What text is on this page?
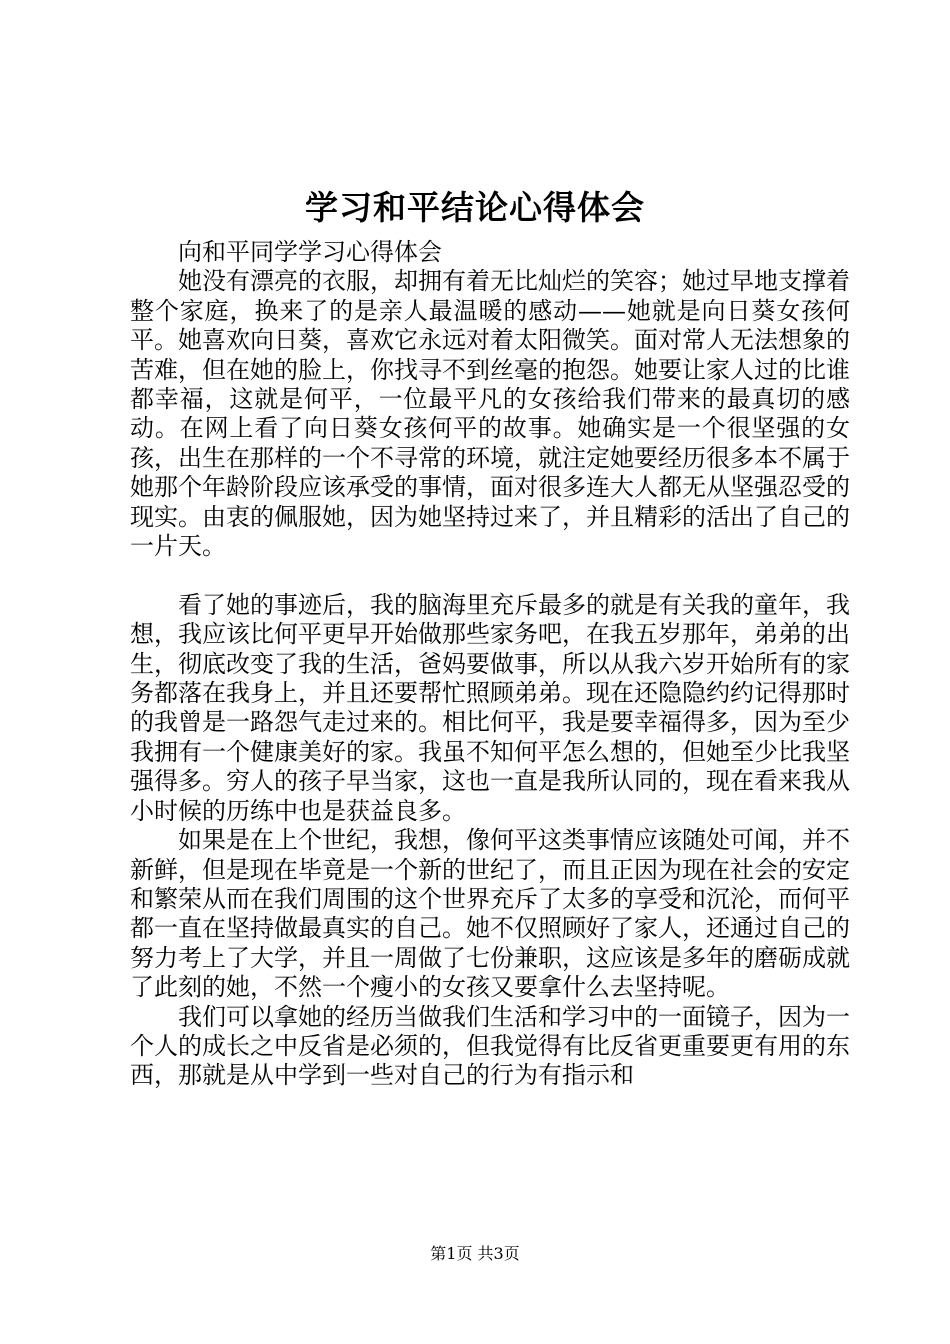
学习和平结论心得体会

向和平同学学习心得体会

她没有漂亮的衣服，却拥有着无比灿烂的笑容；她过早地支撑着整个家庭，换来了的是亲人最温暖的感动——她就是向日葵女孩何平。她喜欢向日葵，喜欢它永远对着太阳微笑。面对常人无法想象的苦难，但在她的脸上，你找寻不到丝毫的抱怨。她要让家人过的比谁都幸福，这就是何平，一位最平凡的女孩给我们带来的最真切的感动。在网上看了向日葵女孩何平的故事。她确实是一个很坚强的女孩，出生在那样的一个不寻常的环境，就注定她要经历很多本不属于她那个年龄阶段应该承受的事情，面对很多连大人都无从坚强忍受的现实。由衷的佩服她，因为她坚持过来了，并且精彩的活出了自己的一片天。

看了她的事迹后，我的脑海里充斥最多的就是有关我的童年，我想，我应该比何平更早开始做那些家务吧，在我五岁那年，弟弟的出生，彻底改变了我的生活，爸妈要做事，所以从我六岁开始所有的家务都落在我身上，并且还要帮忙照顾弟弟。现在还隐隐约约记得那时的我曾是一路怨气走过来的。相比何平，我是要幸福得多，因为至少我拥有一个健康美好的家。我虽不知何平怎么想的，但她至少比我坚强得多。穷人的孩子早当家，这也一直是我所认同的，现在看来我从小时候的历练中也是获益良多。

如果是在上个世纪，我想，像何平这类事情应该随处可闻，并不新鲜，但是现在毕竟是一个新的世纪了，而且正因为现在社会的安定和繁荣从而在我们周围的这个世界充斥了太多的享受和沉沦，而何平都一直在坚持做最真实的自己。她不仅照顾好了家人，还通过自己的努力考上了大学，并且一周做了七份兼职，这应该是多年的磨砺成就了此刻的她，不然一个瘦小的女孩又要拿什么去坚持呢。

我们可以拿她的经历当做我们生活和学习中的一面镜子，因为一个人的成长之中反省是必须的，但我觉得有比反省更重要更有用的东西，那就是从中学到一些对自己的行为有指示和

第1页 共3页
